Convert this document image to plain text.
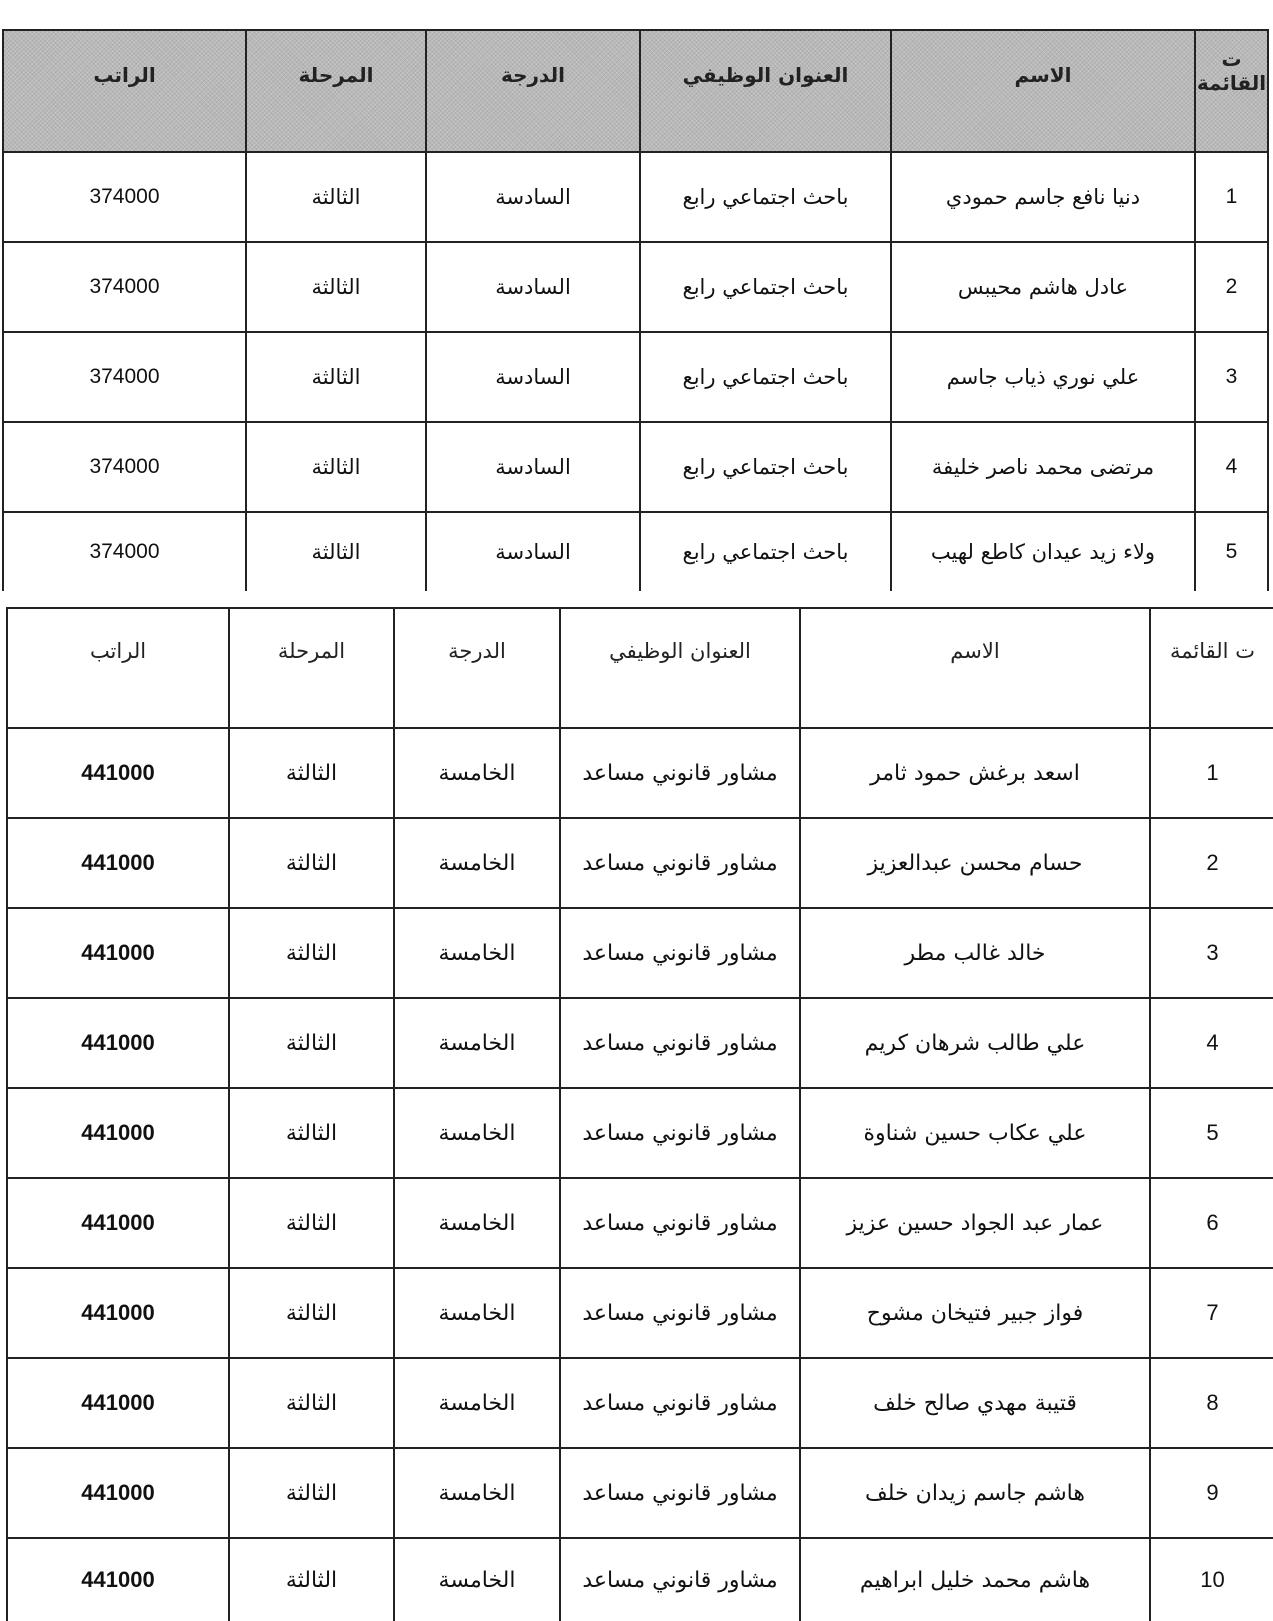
ت القائمة	الاسم	العنوان الوظيفي	الدرجة	المرحلة	الراتب
1	دنيا نافع جاسم حمودي	باحث اجتماعي رابع	السادسة	الثالثة	374000
2	عادل هاشم محيبس	باحث اجتماعي رابع	السادسة	الثالثة	374000
3	علي نوري ذياب جاسم	باحث اجتماعي رابع	السادسة	الثالثة	374000
4	مرتضى محمد ناصر خليفة	باحث اجتماعي رابع	السادسة	الثالثة	374000
5	ولاء زيد عيدان كاطع لهيب	باحث اجتماعي رابع	السادسة	الثالثة	374000
ت القائمة	الاسم	العنوان الوظيفي	الدرجة	المرحلة	الراتب
1	اسعد برغش حمود ثامر	مشاور قانوني مساعد	الخامسة	الثالثة	441000
2	حسام محسن عبدالعزيز	مشاور قانوني مساعد	الخامسة	الثالثة	441000
3	خالد غالب مطر	مشاور قانوني مساعد	الخامسة	الثالثة	441000
4	علي طالب شرهان كريم	مشاور قانوني مساعد	الخامسة	الثالثة	441000
5	علي عكاب حسين شناوة	مشاور قانوني مساعد	الخامسة	الثالثة	441000
6	عمار عبد الجواد حسين عزيز	مشاور قانوني مساعد	الخامسة	الثالثة	441000
7	فواز جبير فتيخان مشوح	مشاور قانوني مساعد	الخامسة	الثالثة	441000
8	قتيبة مهدي صالح خلف	مشاور قانوني مساعد	الخامسة	الثالثة	441000
9	هاشم جاسم زيدان خلف	مشاور قانوني مساعد	الخامسة	الثالثة	441000
10	هاشم محمد خليل ابراهيم	مشاور قانوني مساعد	الخامسة	الثالثة	441000
